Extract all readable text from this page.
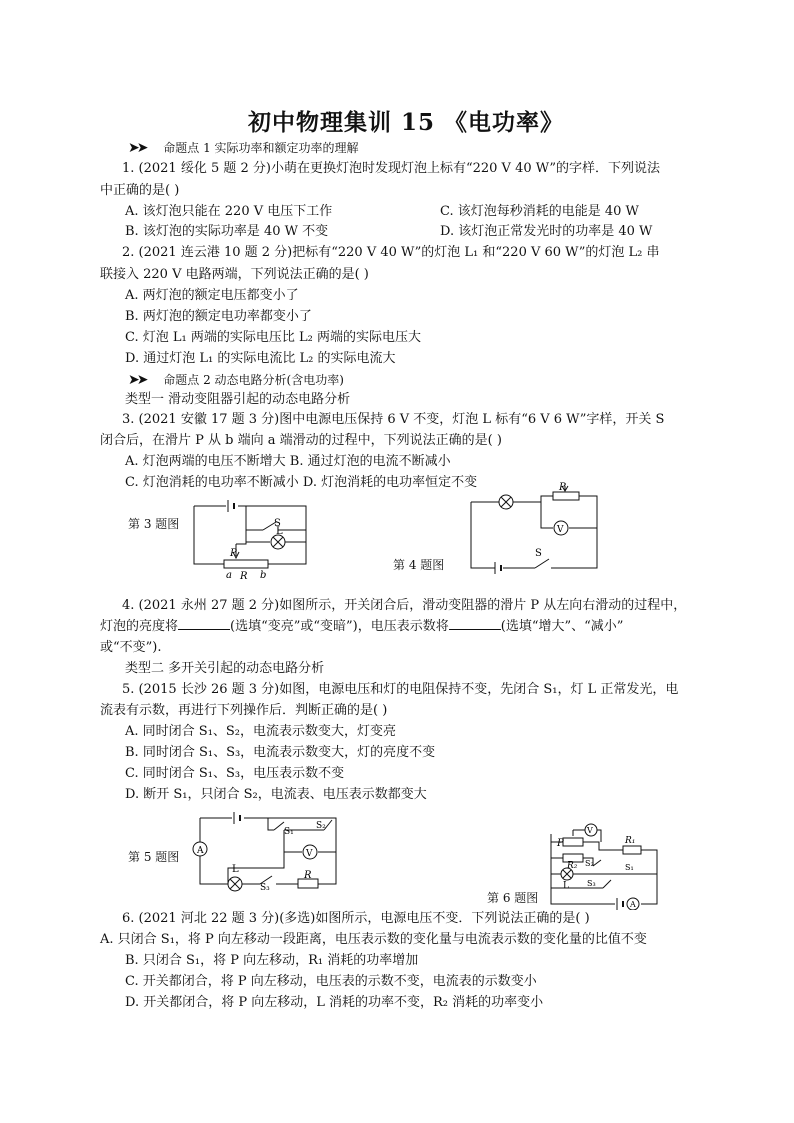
初中物理集训 15 《电功率》
➤➤ 命题点 1 实际功率和额定功率的理解
1. (2021 绥化 5 题 2 分)小萌在更换灯泡时发现灯泡上标有“220 V 40 W”的字样．下列说法
中正确的是( )
A. 该灯泡只能在 220 V 电压下工作	C. 该灯泡每秒消耗的电能是 40 W
B. 该灯泡的实际功率是 40 W 不变	D. 该灯泡正常发光时的功率是 40 W
2. (2021 连云港 10 题 2 分)把标有“220 V 40 W”的灯泡 L₁ 和“220 V 60 W”的灯泡 L₂ 串
联接入 220 V 电路两端，下列说法正确的是( )
A. 两灯泡的额定电压都变小了
B. 两灯泡的额定电功率都变小了
C. 灯泡 L₁ 两端的实际电压比 L₂ 两端的实际电压大
D. 通过灯泡 L₁ 的实际电流比 L₂ 的实际电流大
➤➤ 命题点 2 动态电路分析(含电功率)
类型一 滑动变阻器引起的动态电路分析
3. (2021 安徽 17 题 3 分)图中电源电压保持 6 V 不变，灯泡 L 标有“6 V 6 W”字样，开关 S
闭合后，在滑片 P 从 b 端向 a 端滑动的过程中，下列说法正确的是( )
A. 灯泡两端的电压不断增大 B. 通过灯泡的电流不断减小
C. 灯泡消耗的电功率不断减小 D. 灯泡消耗的电功率恒定不变
第 3 题图	S
L
P
R
a	b
P
V
S
第 4 题图
4. (2021 永州 27 题 2 分)如图所示，开关闭合后，滑动变阻器的滑片 P 从左向右滑动的过程中，
灯泡的亮度将	(选填“变亮”或“变暗”)，电压表示数将	(选填“增大”、“减小”
或“不变”).
类型二 多开关引起的动态电路分析
5. (2015 长沙 26 题 3 分)如图，电源电压和灯的电阻保持不变，先闭合 S₁，灯 L 正常发光，电
流表有示数，再进行下列操作后．判断正确的是( )
A. 同时闭合 S₁、S₂，电流表示数变大，灯变亮
B. 同时闭合 S₁、S₃，电流表示数变大，灯的亮度不变
C. 同时闭合 S₁、S₃，电压表示数不变
D. 断开 S₁，只闭合 S₂，电流表、电压表示数都变大
第 5 题图 A	V
L
R
S₁
S₂
S₃
P
V
R₁
R₂ S₂	S₁
S₃
L
A
第 6 题图
6. (2021 河北 22 题 3 分)(多选)如图所示，电源电压不变．下列说法正确的是( )
A. 只闭合 S₁，将 P 向左移动一段距离，电压表示数的变化量与电流表示数的变化量的比值不变
B. 只闭合 S₁，将 P 向左移动，R₁ 消耗的功率增加
C. 开关都闭合，将 P 向左移动，电压表的示数不变，电流表的示数变小
D. 开关都闭合，将 P 向左移动，L 消耗的功率不变，R₂ 消耗的功率变小
